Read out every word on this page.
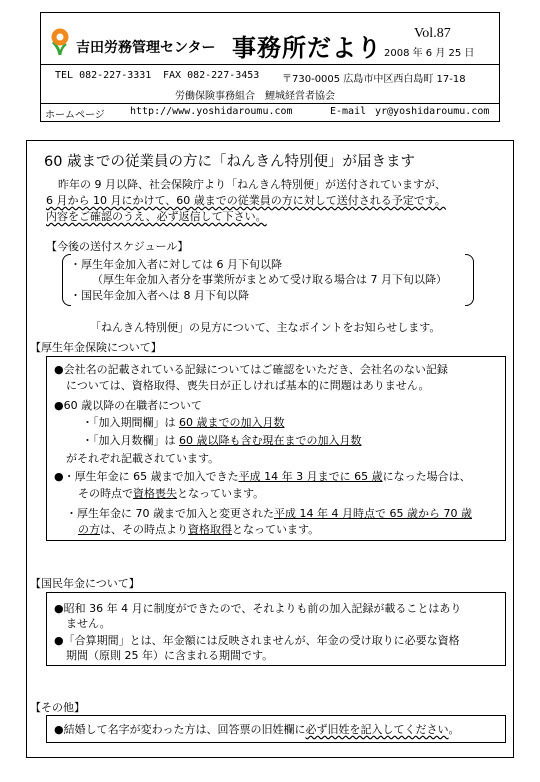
吉田労務管理センター 事務所だより
Vol.87
2008 年 6 月 25 日
TEL 082-227-3331 FAX 082-227-3453 〒730-0005 広島市中区西白島町 17-18
労働保険事務組合　鯉城経営者協会
ホームページ	http://www.yoshidaroumu.com	E-mail yr@yoshidaroumu.com
60 歳までの従業員の方に「ねんきん特別便」が届きます
昨年の 9 月以降、社会保険庁より「ねんきん特別便」が送付されていますが、
6 月から 10 月にかけて、60 歳までの従業員の方に対して送付される予定です。
内容をご確認のうえ、必ず返信して下さい。
【今後の送付スケジュール】
・厚生年金加入者に対しては 6 月下旬以降
（厚生年金加入者分を事業所がまとめて受け取る場合は 7 月下旬以降）
・国民年金加入者へは 8 月下旬以降
「ねんきん特別便」の見方について、主なポイントをお知らせします。
【厚生年金保険について】
●会社名の記載されている記録についてはご確認をいただき、会社名のない記録
については、資格取得、喪失日が正しければ基本的に問題はありません。
●60 歳以降の在職者について
・「加入期間欄」は 60 歳までの加入月数
・「加入月数欄」は 60 歳以降も含む現在までの加入月数
がそれぞれ記載されています。
●・厚生年金に 65 歳まで加入できた平成 14 年 3 月までに 65 歳になった場合は、
その時点で資格喪失となっています。
・厚生年金に 70 歳まで加入と変更された平成 14 年 4 月時点で 65 歳から 70 歳
の方は、その時点より資格取得となっています。
【国民年金について】
●昭和 36 年 4 月に制度ができたので、それよりも前の加入記録が載ることはあり
ません。
●「合算期間」とは、年金額には反映されませんが、年金の受け取りに必要な資格
期間（原則 25 年）に含まれる期間です。
【その他】
●結婚して名字が変わった方は、回答票の旧姓欄に必ず旧姓を記入してください。
